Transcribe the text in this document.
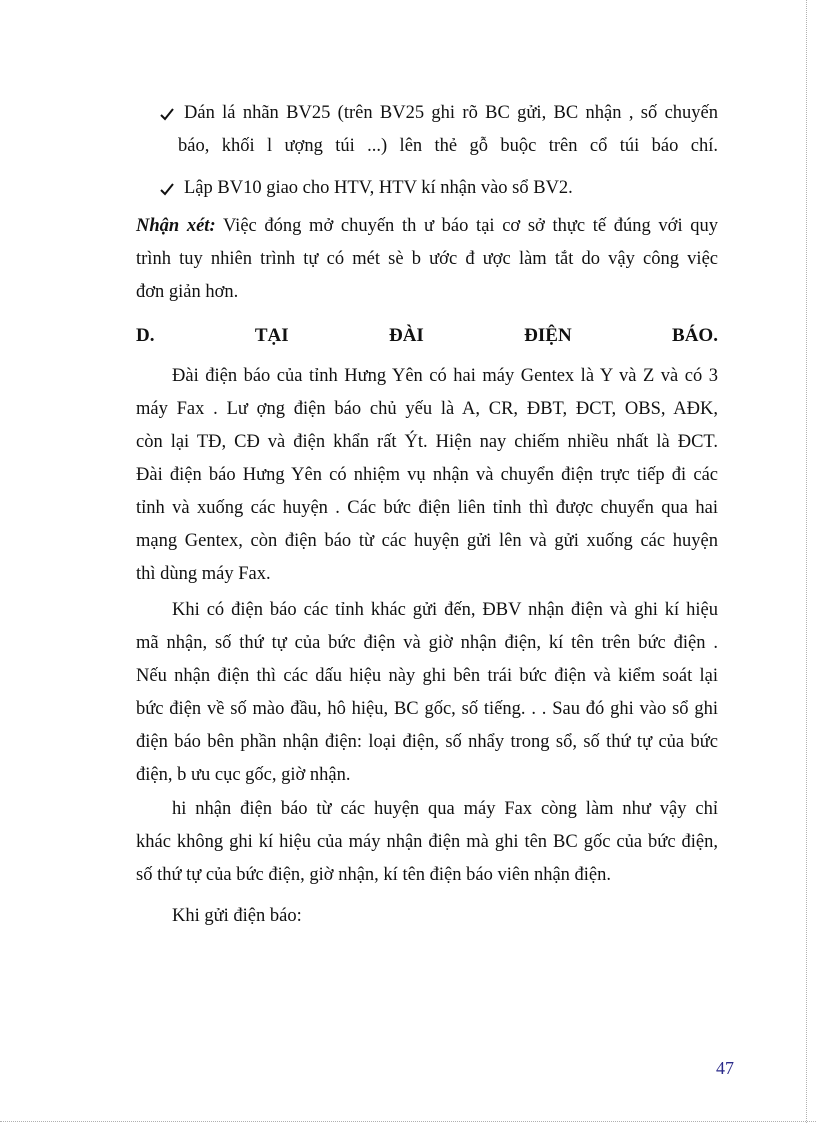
Dán lá nhãn BV25 (trên BV25 ghi rõ BC gửi, BC nhận , số chuyến
báo, khối l ượng túi ...) lên thẻ gỗ buộc trên cổ túi báo chí.
Lập BV10 giao cho HTV, HTV kí nhận vào sổ BV2.
Nhận xét: Việc đóng mở chuyến th ư báo tại cơ sở thực tế đúng với quy
trình tuy nhiên trình tự có mét sè b ước đ ược làm tắt do vậy công việc
đơn giản hơn.
D.	TẠI	ĐÀI	ĐIỆN	BÁO.
Đài điện báo của tỉnh Hưng Yên có hai máy Gentex là Y và Z và có 3
máy Fax . Lư ợng điện báo chủ yếu là A, CR, ĐBT, ĐCT, OBS, AĐK,
còn lại TĐ, CĐ và điện khẩn rất Ýt. Hiện nay chiếm nhiều nhất là ĐCT.
Đài điện báo Hưng Yên có nhiệm vụ nhận và chuyển điện trực tiếp đi các
tỉnh và xuống các huyện . Các bức điện liên tỉnh thì được chuyển qua hai
mạng Gentex, còn điện báo từ các huyện gửi lên và gửi xuống các huyện
thì dùng máy Fax.
Khi có điện báo các tỉnh khác gửi đến, ĐBV nhận điện và ghi kí hiệu
mã nhận, số thứ tự của bức điện và giờ nhận điện, kí tên trên bức điện .
Nếu nhận điện thì các dấu hiệu này ghi bên trái bức điện và kiểm soát lại
bức điện về số mào đầu, hô hiệu, BC gốc, số tiếng. . . Sau đó ghi vào sổ ghi
điện báo bên phần nhận điện: loại điện, số nhẩy trong sổ, số thứ tự của bức
điện, b ưu cục gốc, giờ nhận.
hi nhận điện báo từ các huyện qua máy Fax còng làm như vậy chỉ
khác không ghi kí hiệu của máy nhận điện mà ghi tên BC gốc của bức điện,
số thứ tự của bức điện, giờ nhận, kí tên điện báo viên nhận điện.
Khi gửi điện báo:
47
